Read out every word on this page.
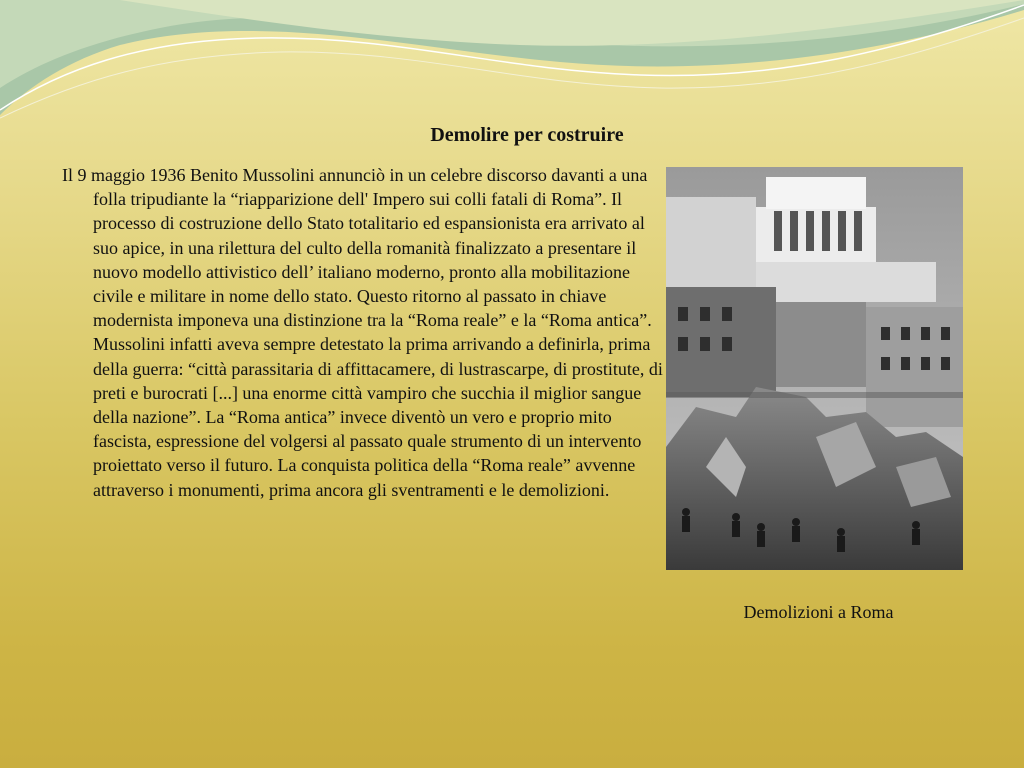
Demolire per costruire

Il 9 maggio 1936 Benito Mussolini annunciò in un celebre discorso davanti a una folla tripudiante la “riapparizione dell' Impero sui colli fatali di Roma”. Il processo di costruzione dello Stato totalitario ed espansionista era arrivato al suo apice, in una rilettura del culto della romanità finalizzato a presentare il nuovo modello attivistico dell’ italiano moderno, pronto alla mobilitazione civile e militare in nome dello stato. Questo ritorno al passato in chiave modernista imponeva una distinzione tra la “Roma reale” e la “Roma antica”. Mussolini infatti aveva sempre detestato la prima arrivando a definirla, prima della guerra: “città parassitaria di affittacamere, di lustrascarpe, di prostitute, di preti e burocrati [...] una enorme città vampiro che succhia il miglior sangue della nazione”. La “Roma antica” invece diventò un vero e proprio mito fascista, espressione del volgersi al passato quale strumento di un intervento proiettato verso il futuro. La conquista politica della “Roma reale” avvenne attraverso i monumenti, prima ancora gli sventramenti e le demolizioni.

Demolizioni a Roma
